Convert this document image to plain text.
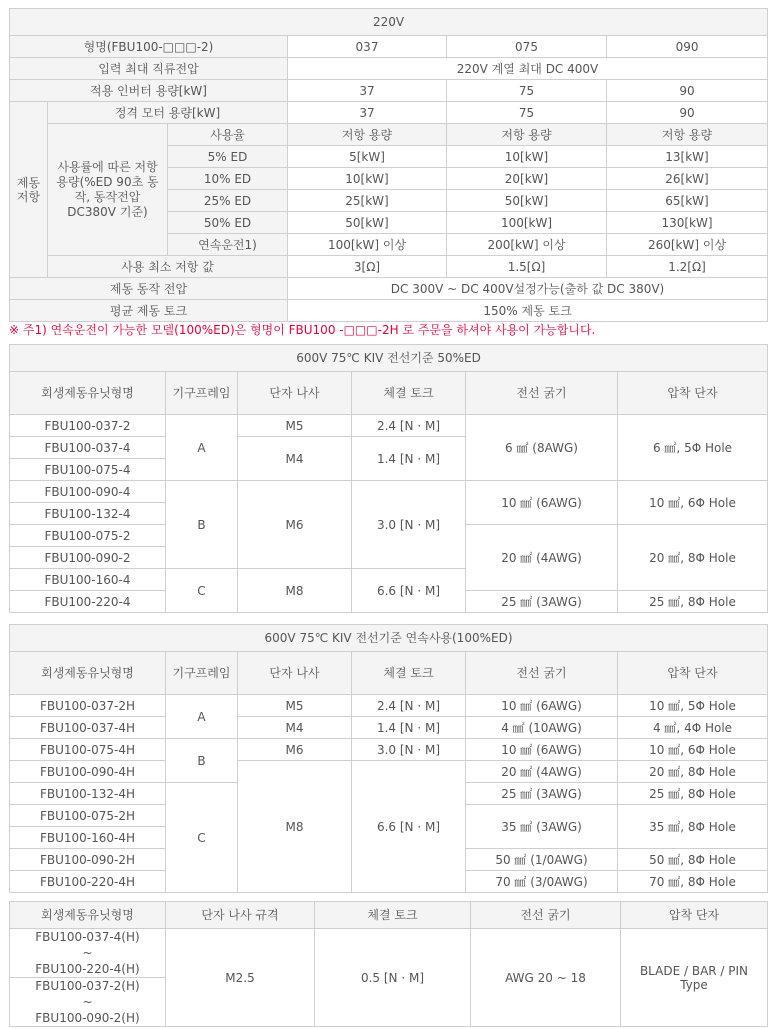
220V					
형명(FBU100-□□□-2)			037	075	090
입력 최대 직류전압			220V 계열 최대 DC 400V		
적용 인버터 용량[kW]			37	75	90
제동 저항	정격 모터 용량[kW]		37	75	90
	사용률에 따른 저항 용량(%ED 90초 동작, 동작전압 DC380V 기준)	사용율	저항 용량	저항 용량	저항 용량
		5% ED	5[kW]	10[kW]	13[kW]
		10% ED	10[kW]	20[kW]	26[kW]
		25% ED	25[kW]	50[kW]	65[kW]
		50% ED	50[kW]	100[kW]	130[kW]
		연속운전1)	100[kW] 이상	200[kW] 이상	260[kW] 이상
	사용 최소 저항 값		3[Ω]	1.5[Ω]	1.2[Ω]
제동 동작 전압			DC 300V ~ DC 400V설정가능(출하 값 DC 380V)		
평균 제동 토크			150% 제동 토크		
※ 주1) 연속운전이 가능한 모델(100%ED)은 형명이 FBU100 -□□□-2H 로 주문을 하셔야 사용이 가능합니다.
600V 75℃ KIV 전선기준 50%ED					
회생제동유닛형명	기구프레임	단자 나사	체결 토크	전선 굵기	압착 단자
FBU100-037-2	A	M5	2.4 [N · M]	6 ㎟ (8AWG)	6 ㎟, 5Φ Hole
FBU100-037-4		M4	1.4 [N · M]		
FBU100-075-4					
FBU100-090-4	B	M6	3.0 [N · M]	10 ㎟ (6AWG)	10 ㎟, 6Φ Hole
FBU100-132-4					
FBU100-075-2				20 ㎟ (4AWG)	20 ㎟, 8Φ Hole
FBU100-090-2					
FBU100-160-4	C	M8	6.6 [N · M]		
FBU100-220-4				25 ㎟ (3AWG)	25 ㎟, 8Φ Hole
600V 75℃ KIV 전선기준 연속사용(100%ED)					
회생제동유닛형명	기구프레임	단자 나사	체결 토크	전선 굵기	압착 단자
FBU100-037-2H	A	M5	2.4 [N · M]	10 ㎟ (6AWG)	10 ㎟, 5Φ Hole
FBU100-037-4H		M4	1.4 [N · M]	4 ㎟ (10AWG)	4 ㎟, 4Φ Hole
FBU100-075-4H	B	M6	3.0 [N · M]	10 ㎟ (6AWG)	10 ㎟, 6Φ Hole
FBU100-090-4H		M8	6.6 [N · M]	20 ㎟ (4AWG)	20 ㎟, 8Φ Hole
FBU100-132-4H	C			25 ㎟ (3AWG)	25 ㎟, 8Φ Hole
FBU100-075-2H				35 ㎟ (3AWG)	35 ㎟, 8Φ Hole
FBU100-160-4H					
FBU100-090-2H				50 ㎟ (1/0AWG)	50 ㎟, 8Φ Hole
FBU100-220-4H				70 ㎟ (3/0AWG)	70 ㎟, 8Φ Hole
회생제동유닛형명	단자 나사 규격	체결 토크	전선 굵기	압착 단자

FBU100-037-4(H)
~
FBU100-220-4(H)	M2.5	0.5 [N · M]	AWG 20 ~ 18	BLADE / BAR / PIN Type

FBU100-037-2(H)
~
FBU100-090-2(H)				
